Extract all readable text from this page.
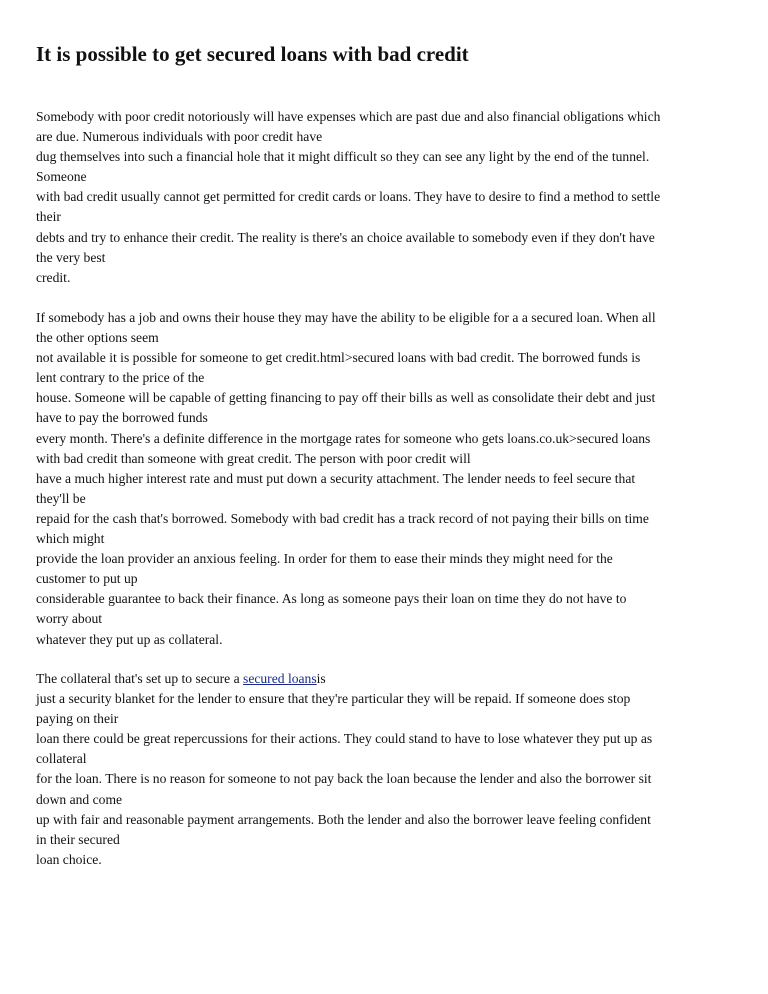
It is possible to get secured loans with bad credit
Somebody with poor credit notoriously will have expenses which are past due and also financial obligations which
are due. Numerous individuals with poor credit have
dug themselves into such a financial hole that it might difficult so they can see any light by the end of the tunnel.
Someone
with bad credit usually cannot get permitted for credit cards or loans. They have to desire to find a method to settle
their
debts and try to enhance their credit. The reality is there's an choice available to somebody even if they don't have
the very best
credit.
If somebody has a job and owns their house they may have the ability to be eligible for a a secured loan. When all
the other options seem
not available it is possible for someone to get credit.html>secured loans with bad credit. The borrowed funds is
lent contrary to the price of the
house. Someone will be capable of getting financing to pay off their bills as well as consolidate their debt and just
have to pay the borrowed funds
every month. There's a definite difference in the mortgage rates for someone who gets loans.co.uk>secured loans
with bad credit than someone with great credit. The person with poor credit will
have a much higher interest rate and must put down a security attachment. The lender needs to feel secure that
they'll be
repaid for the cash that's borrowed. Somebody with bad credit has a track record of not paying their bills on time
which might
provide the loan provider an anxious feeling. In order for them to ease their minds they might need for the
customer to put up
considerable guarantee to back their finance. As long as someone pays their loan on time they do not have to
worry about
whatever they put up as collateral.
The collateral that's set up to secure a secured loansis
just a security blanket for the lender to ensure that they're particular they will be repaid. If someone does stop
paying on their
loan there could be great repercussions for their actions. They could stand to have to lose whatever they put up as
collateral
for the loan. There is no reason for someone to not pay back the loan because the lender and also the borrower sit
down and come
up with fair and reasonable payment arrangements. Both the lender and also the borrower leave feeling confident
in their secured
loan choice.
